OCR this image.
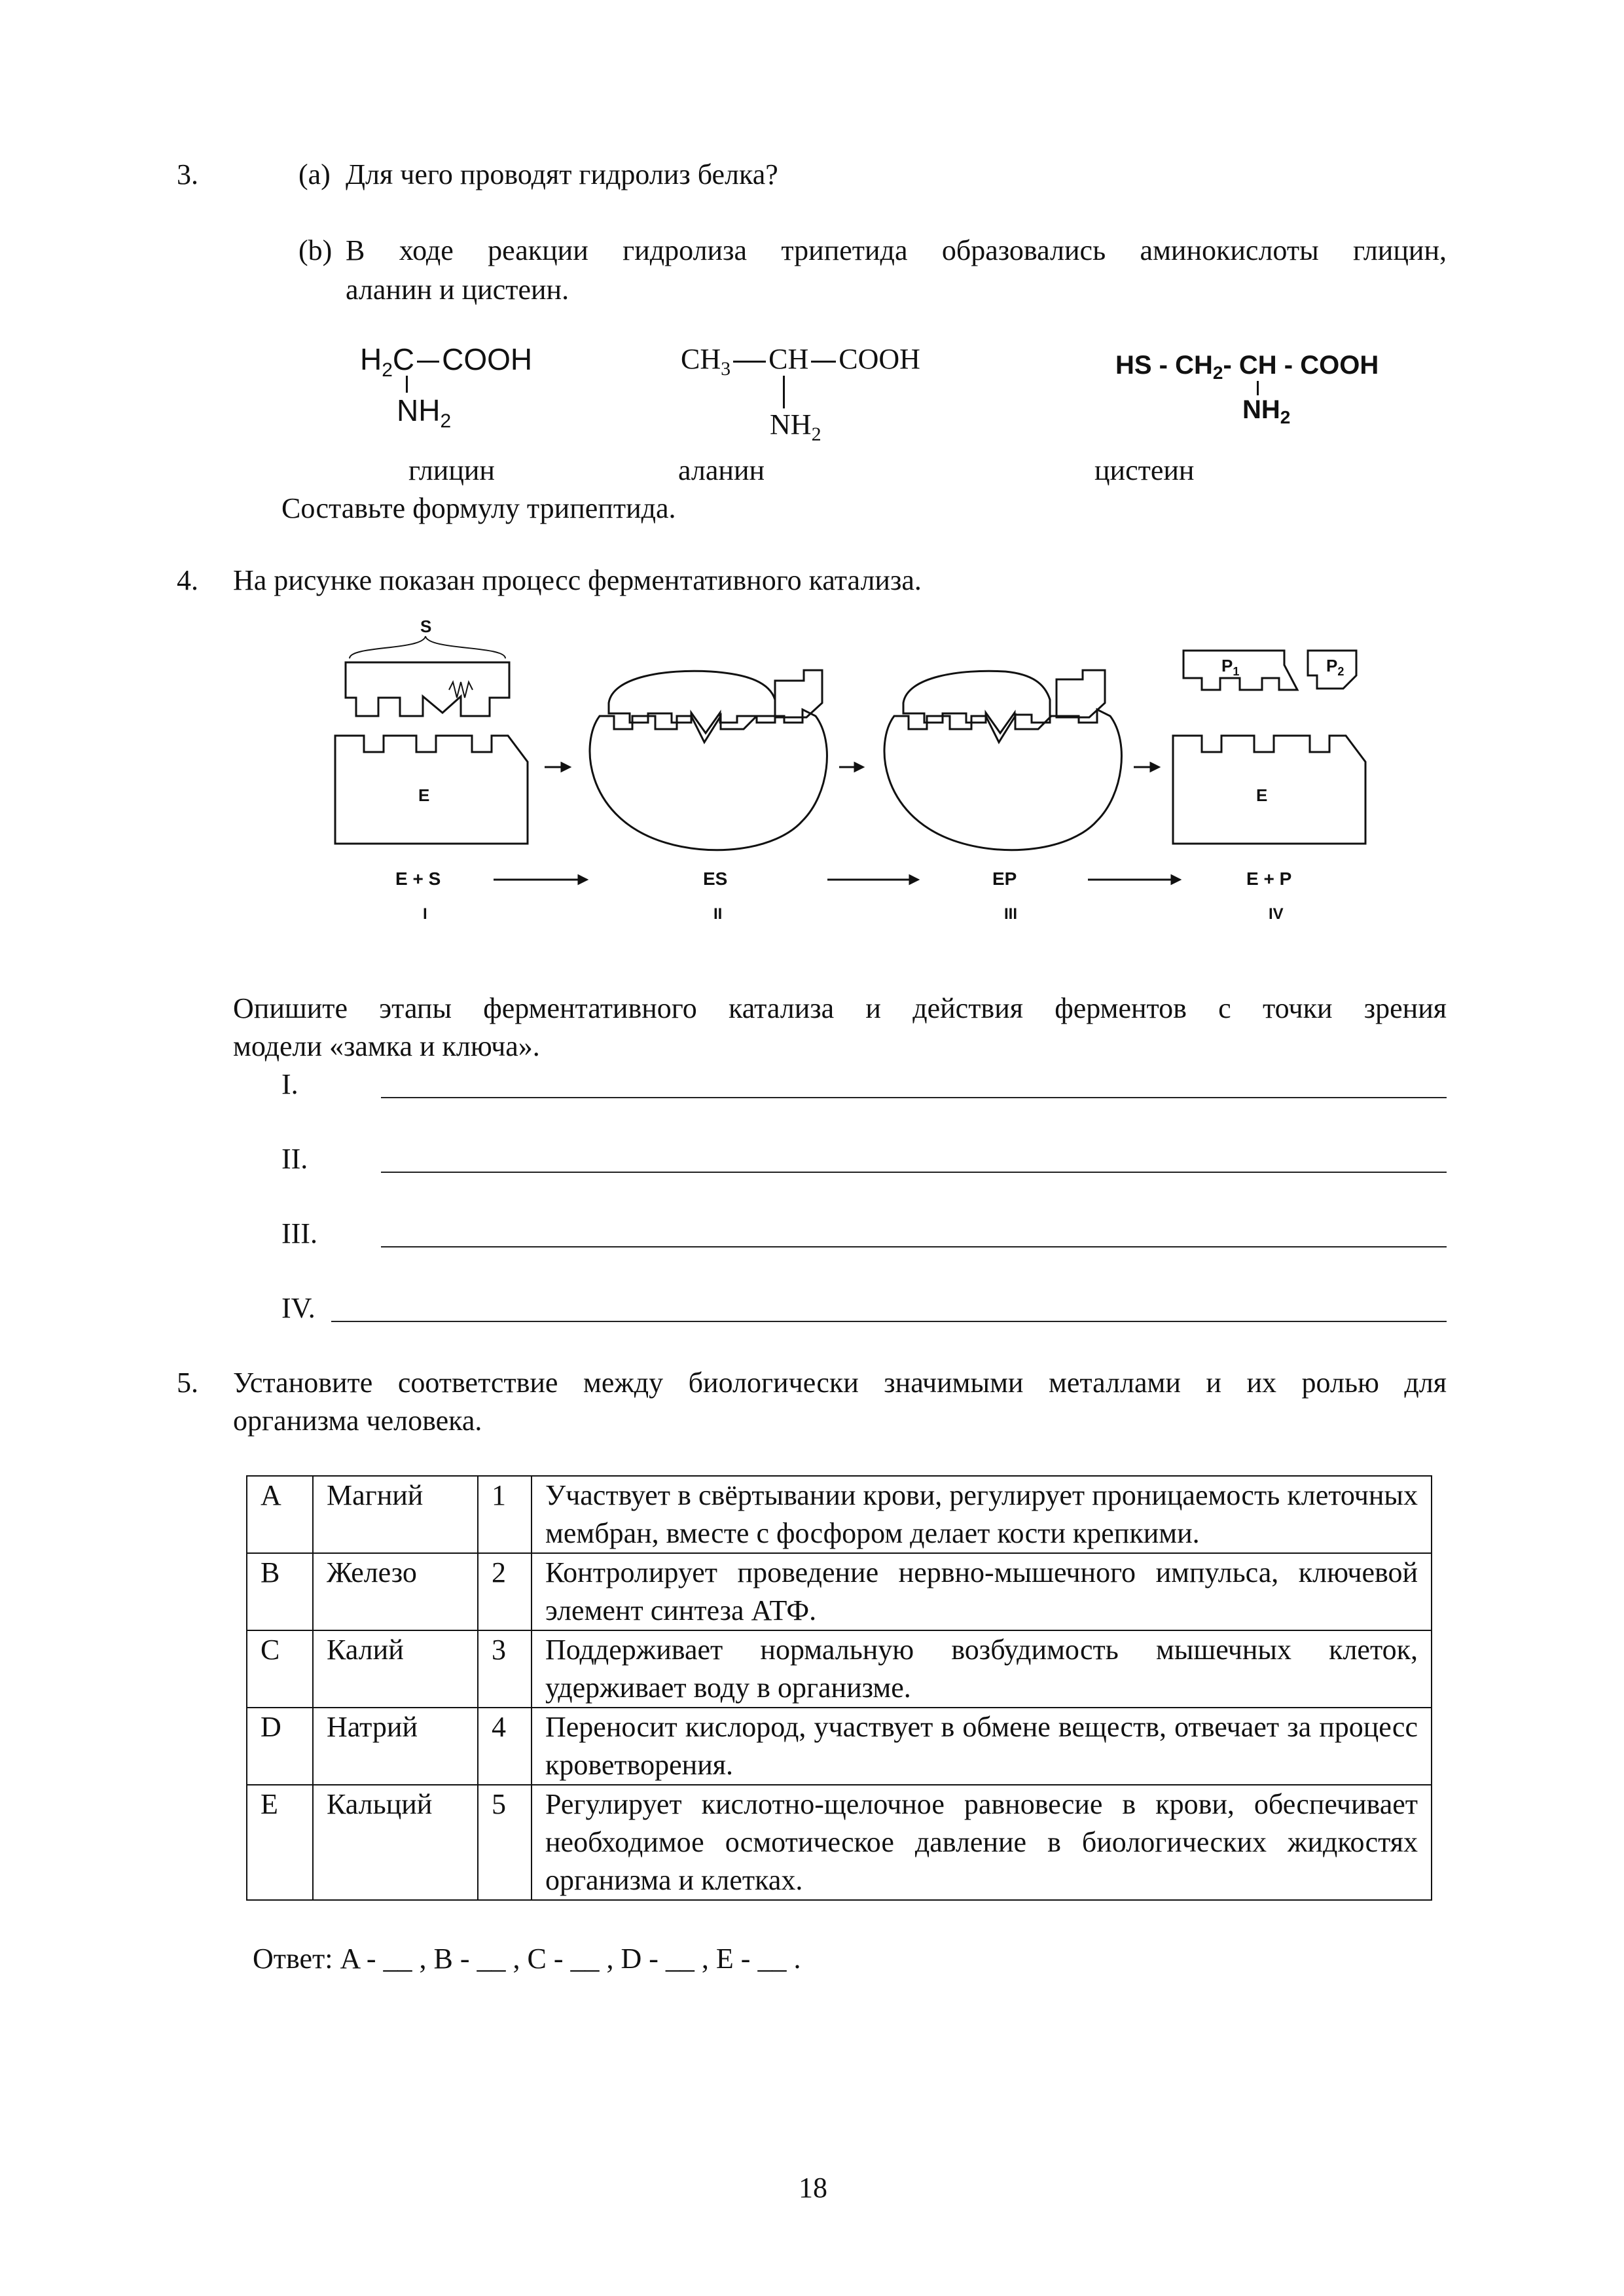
3.	(a) Для чего проводят гидролиз белка?
(b) В ходе реакции гидролиза трипетида образовались аминокислоты глицин,
аланин и цистеин.
$H_2C$ COOH
$NH_2$
глицин
$CH_3$ CH COOH
$NH_2$
аланин
HS - $CH_2-$ CH - COOH
$NH_2$
цистеин
Составьте формулу трипептида.
4. На рисунке показан процесс ферментативного катализа.
E
S
E
$P_1$	$P_2$
E + S	ES	EP	E + P
I	II	III	IV
Опишите этапы ферментативного катализа и действия ферментов с точки зрения
модели «замка и ключа».
I.
II.
III.
IV.
5. Установите соответствие между биологически значимыми металлами и их ролью для
организма человека.
A	Магний	1	Участвует в свёртывании крови, регулирует проницаемость клеточных мембран, вместе с фосфором делает кости крепкими.
B	Железо	2	Контролирует проведение нервно-мышечного импульса, ключевой элемент синтеза АТФ.
C	Калий	3	Поддерживает нормальную возбудимость мышечных клеток, удерживает воду в организме.
D	Натрий	4	Переносит кислород, участвует в обмене веществ, отвечает за процесс кроветворения.
E	Кальций	5	Регулирует кислотно-щелочное равновесие в крови, обеспечивает необходимое осмотическое давление в биологических жидкостях организма и клетках.
Ответ: A - __ , B - __ , C - __ , D - __ , E - __ .
18
